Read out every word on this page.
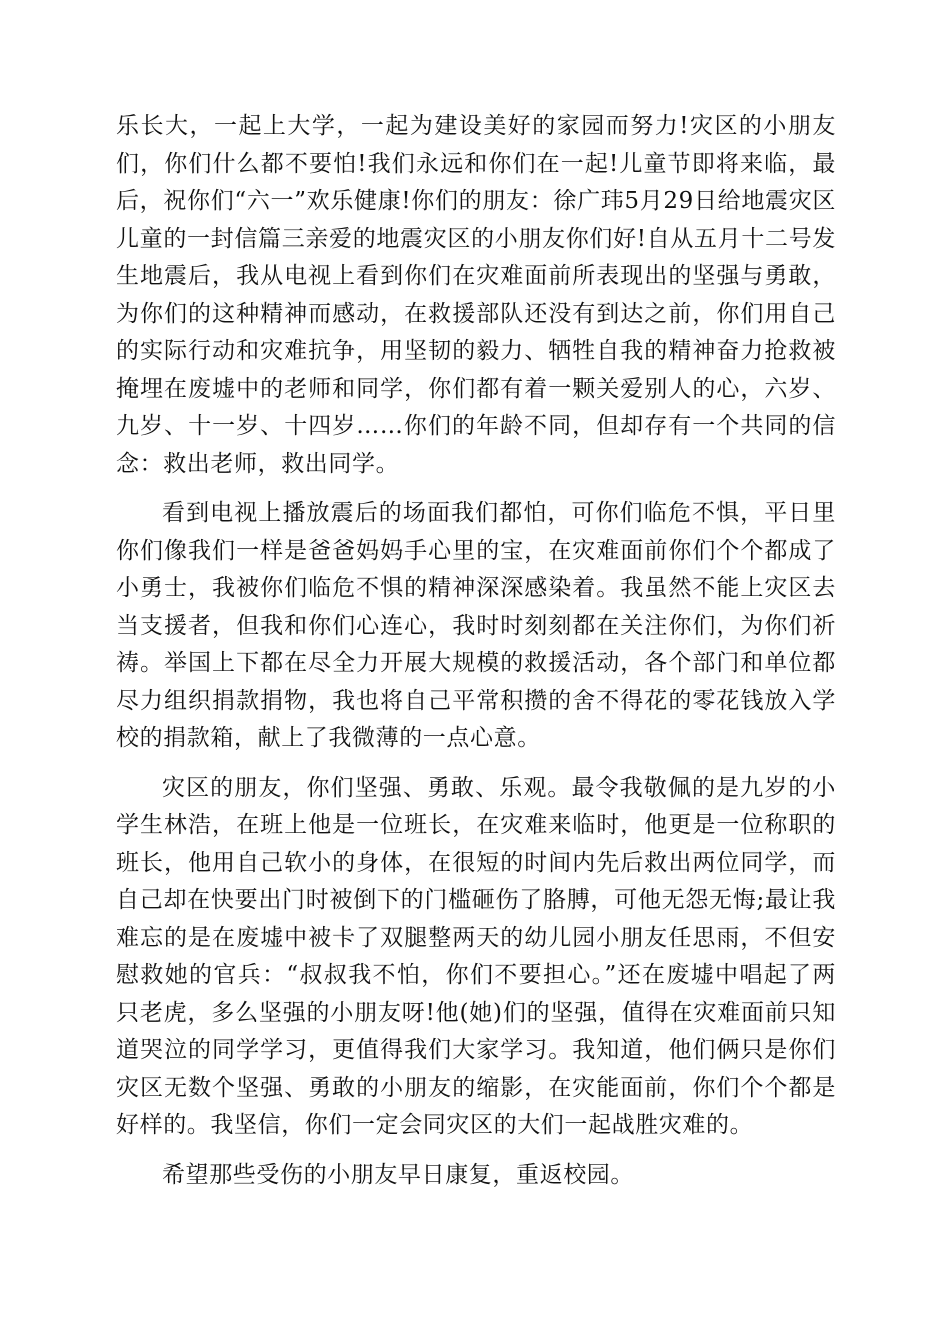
乐长大，一起上大学，一起为建设美好的家园而努力!灾区的小朋友们，你们什么都不要怕!我们永远和你们在一起!儿童节即将来临，最后，祝你们“六一”欢乐健康!你们的朋友：徐广玮5月29日给地震灾区儿童的一封信篇三亲爱的地震灾区的小朋友你们好!自从五月十二号发生地震后，我从电视上看到你们在灾难面前所表现出的坚强与勇敢，为你们的这种精神而感动，在救援部队还没有到达之前，你们用自己的实际行动和灾难抗争，用坚韧的毅力、牺牲自我的精神奋力抢救被掩埋在废墟中的老师和同学，你们都有着一颗关爱别人的心，六岁、九岁、十一岁、十四岁……你们的年龄不同，但却存有一个共同的信念：救出老师，救出同学。

看到电视上播放震后的场面我们都怕，可你们临危不惧，平日里你们像我们一样是爸爸妈妈手心里的宝，在灾难面前你们个个都成了小勇士，我被你们临危不惧的精神深深感染着。我虽然不能上灾区去当支援者，但我和你们心连心，我时时刻刻都在关注你们，为你们祈祷。举国上下都在尽全力开展大规模的救援活动，各个部门和单位都尽力组织捐款捐物，我也将自己平常积攒的舍不得花的零花钱放入学校的捐款箱，献上了我微薄的一点心意。

灾区的朋友，你们坚强、勇敢、乐观。最令我敬佩的是九岁的小学生林浩，在班上他是一位班长，在灾难来临时，他更是一位称职的班长，他用自己软小的身体，在很短的时间内先后救出两位同学，而自己却在快要出门时被倒下的门槛砸伤了胳膊，可他无怨无悔;最让我难忘的是在废墟中被卡了双腿整两天的幼儿园小朋友任思雨，不但安慰救她的官兵：“叔叔我不怕，你们不要担心。”还在废墟中唱起了两只老虎，多么坚强的小朋友呀!他(她)们的坚强，值得在灾难面前只知道哭泣的同学学习，更值得我们大家学习。我知道，他们俩只是你们灾区无数个坚强、勇敢的小朋友的缩影，在灾能面前，你们个个都是好样的。我坚信，你们一定会同灾区的大们一起战胜灾难的。

希望那些受伤的小朋友早日康复，重返校园。
